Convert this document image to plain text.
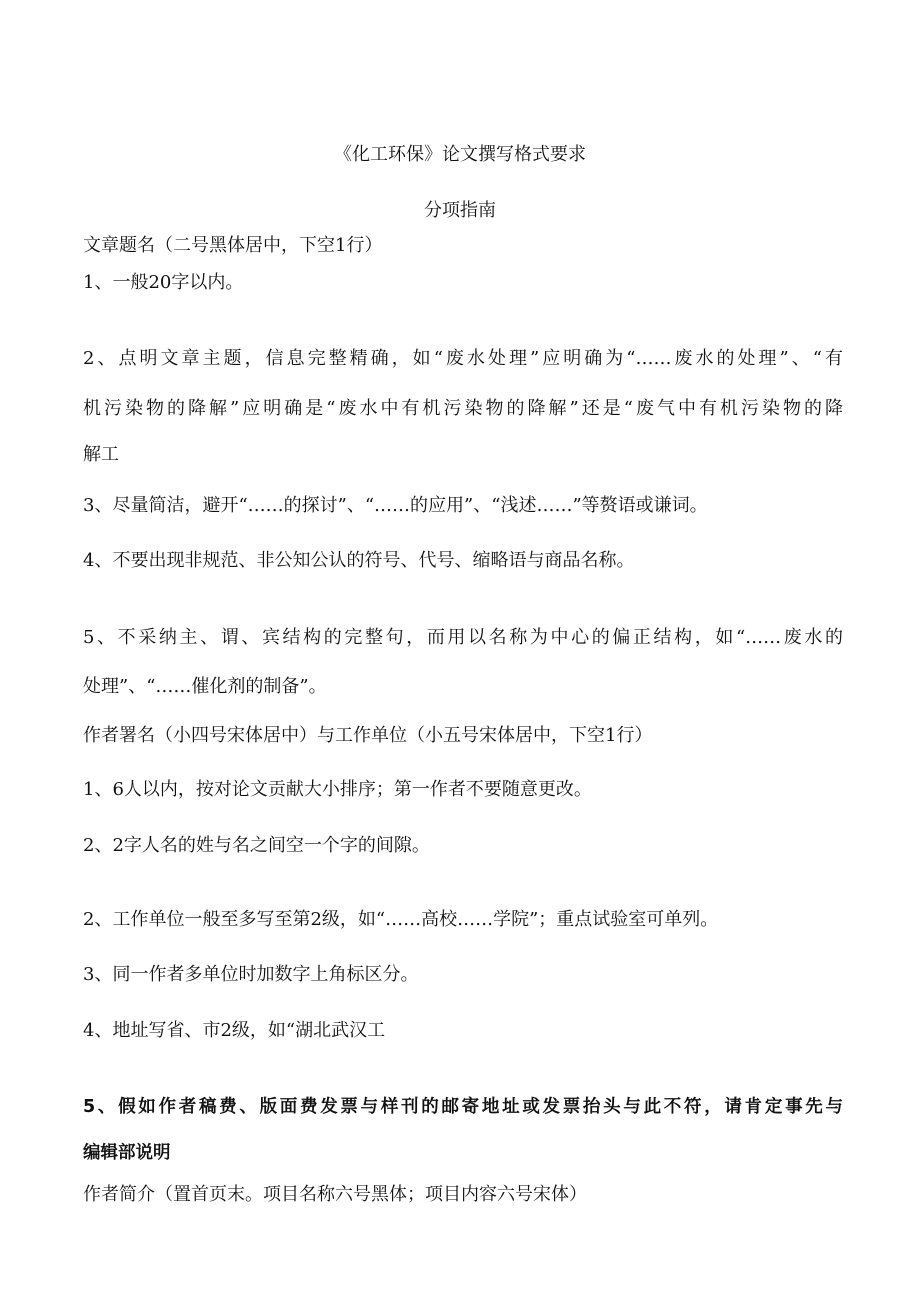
《化工环保》论文撰写格式要求
分项指南
文章题名（二号黑体居中，下空1行）
1、一般20字以内。
2、点明文章主题，信息完整精确，如“废水处理”应明确为“……废水的处理”、“有
机污染物的降解”应明确是“废水中有机污染物的降解”还是“废气中有机污染物的降
解工
3、尽量简洁，避开“……的探讨”、“……的应用”、“浅述……”等赘语或谦词。
4、不要出现非规范、非公知公认的符号、代号、缩略语与商品名称。
5、不采纳主、谓、宾结构的完整句，而用以名称为中心的偏正结构，如“……废水的
处理”、“……催化剂的制备”。
作者署名（小四号宋体居中）与工作单位（小五号宋体居中，下空1行）
1、6人以内，按对论文贡献大小排序；第一作者不要随意更改。
2、2字人名的姓与名之间空一个字的间隙。
2、工作单位一般至多写至第2级，如“……高校……学院”；重点试验室可单列。
3、同一作者多单位时加数字上角标区分。
4、地址写省、市2级，如“湖北武汉工
5、假如作者稿费、版面费发票与样刊的邮寄地址或发票抬头与此不符，请肯定事先与
编辑部说明
作者简介（置首页末。项目名称六号黑体；项目内容六号宋体）
